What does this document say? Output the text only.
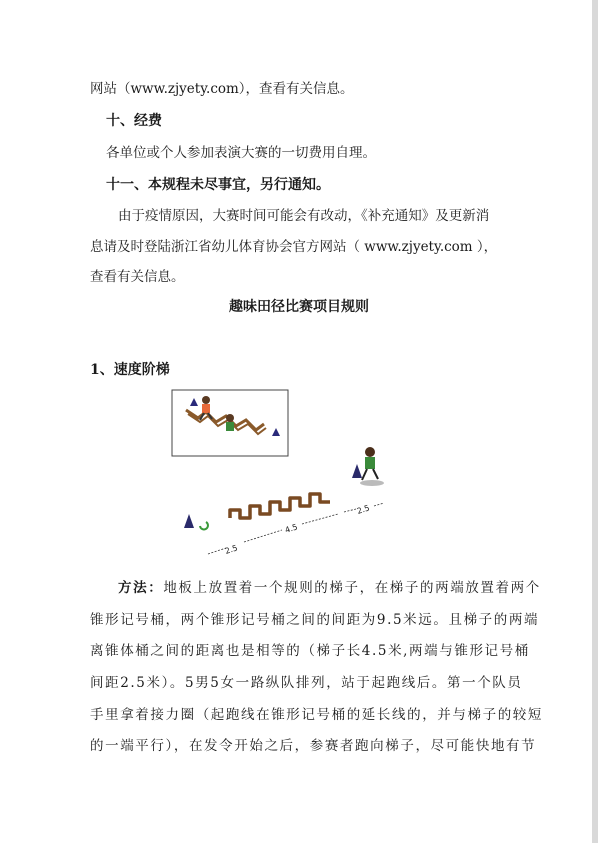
网站（www.zjyety.com），查看有关信息。
十、经费
各单位或个人参加表演大赛的一切费用自理。
十一、本规程未尽事宜，另行通知。
由于疫情原因，大赛时间可能会有改动，《补充通知》及更新消
息请及时登陆浙江省幼儿体育协会官方网站（ www.zjyety.com ），
查看有关信息。
趣味田径比赛项目规则
1、速度阶梯
2.5
4.5
2.5
方法：地板上放置着一个规则的梯子，在梯子的两端放置着两个
锥形记号桶，两个锥形记号桶之间的间距为9.5米远。且梯子的两端
离锥体桶之间的距离也是相等的（梯子长4.5米,两端与锥形记号桶
间距2.5米）。5男5女一路纵队排列，站于起跑线后。第一个队员
手里拿着接力圈（起跑线在锥形记号桶的延长线的，并与梯子的较短
的一端平行），在发令开始之后，参赛者跑向梯子，尽可能快地有节
